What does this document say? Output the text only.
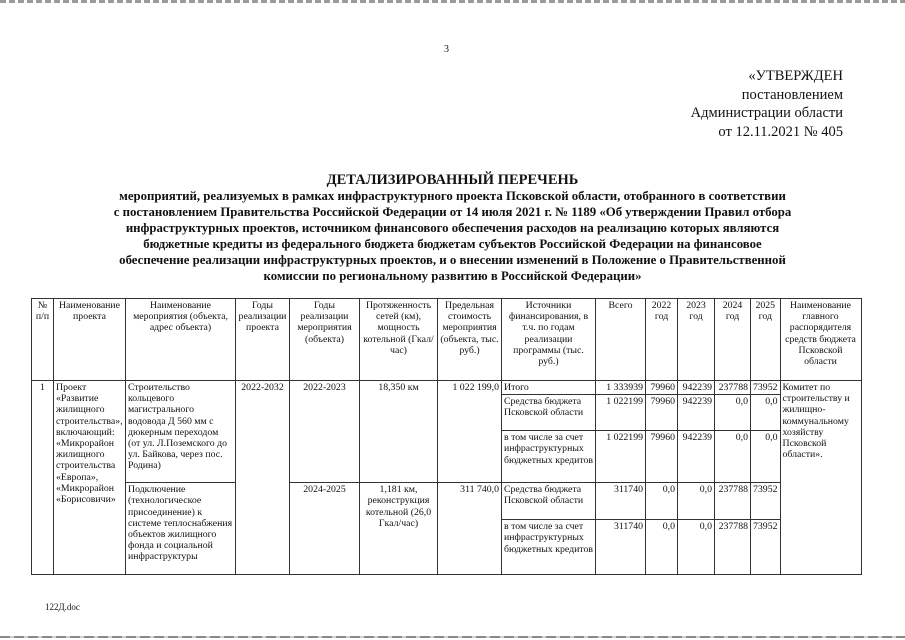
3
«УТВЕРЖДЕН
постановлением
Администрации области
от 12.11.2021 № 405
ДЕТАЛИЗИРОВАННЫЙ ПЕРЕЧЕНЬ
мероприятий, реализуемых в рамках инфраструктурного проекта Псковской области, отобранного в соответствии
с постановлением Правительства Российской Федерации от 14 июля 2021 г. № 1189 «Об утверждении Правил отбора
инфраструктурных проектов, источником финансового обеспечения расходов на реализацию которых являются
бюджетные кредиты из федерального бюджета бюджетам субъектов Российской Федерации на финансовое
обеспечение реализации инфраструктурных проектов, и о внесении изменений в Положение о Правительственной
комиссии по региональному развитию в Российской Федерации»
№ п/п	Наименование проекта	Наименование мероприятия (объекта, адрес объекта)	Годы реализации проекта	Годы реализации мероприятия (объекта)	Протяженность сетей (км), мощность котельной (Гкал/час)	Предельная стоимость мероприятия (объекта, тыс. руб.)	Источники финансирования, в т.ч. по годам реализации программы (тыс. руб.)	Всего	2022 год	2023 год	2024 год	2025 год	Наименование главного распорядителя средств бюджета Псковской области
1	Проект «Развитие жилищного строительства», включающий: «Микрорайон жилищного строительства «Европа», «Микрорайон «Борисовичи»	Строительство кольцевого магистрального водовода Д 560 мм с дюкерным переходом (от ул. Л.Поземского до ул. Байкова, через пос. Родина)	2022-2032	2022-2023	18,350 км	1 022 199,0	Итого	1 333939	79960	942239	237788	73952	Комитет по строительству и жилищно-коммунальному хозяйству Псковской области».
							Средства бюджета Псковской области	1 022199	79960	942239	0,0	0,0	
							в том числе за счет инфраструктурных бюджетных кредитов	1 022199	79960	942239	0,0	0,0	
		Подключение (технологическое присоединение) к системе теплоснабжения объектов жилищного фонда и социальной инфраструктуры		2024-2025	1,181 км, реконструкция котельной (26,0 Гкал/час)	311 740,0	Средства бюджета Псковской области	311740	0,0	0,0	237788	73952	
							в том числе за счет инфраструктурных бюджетных кредитов	311740	0,0	0,0	237788	73952	
122Д.doc
